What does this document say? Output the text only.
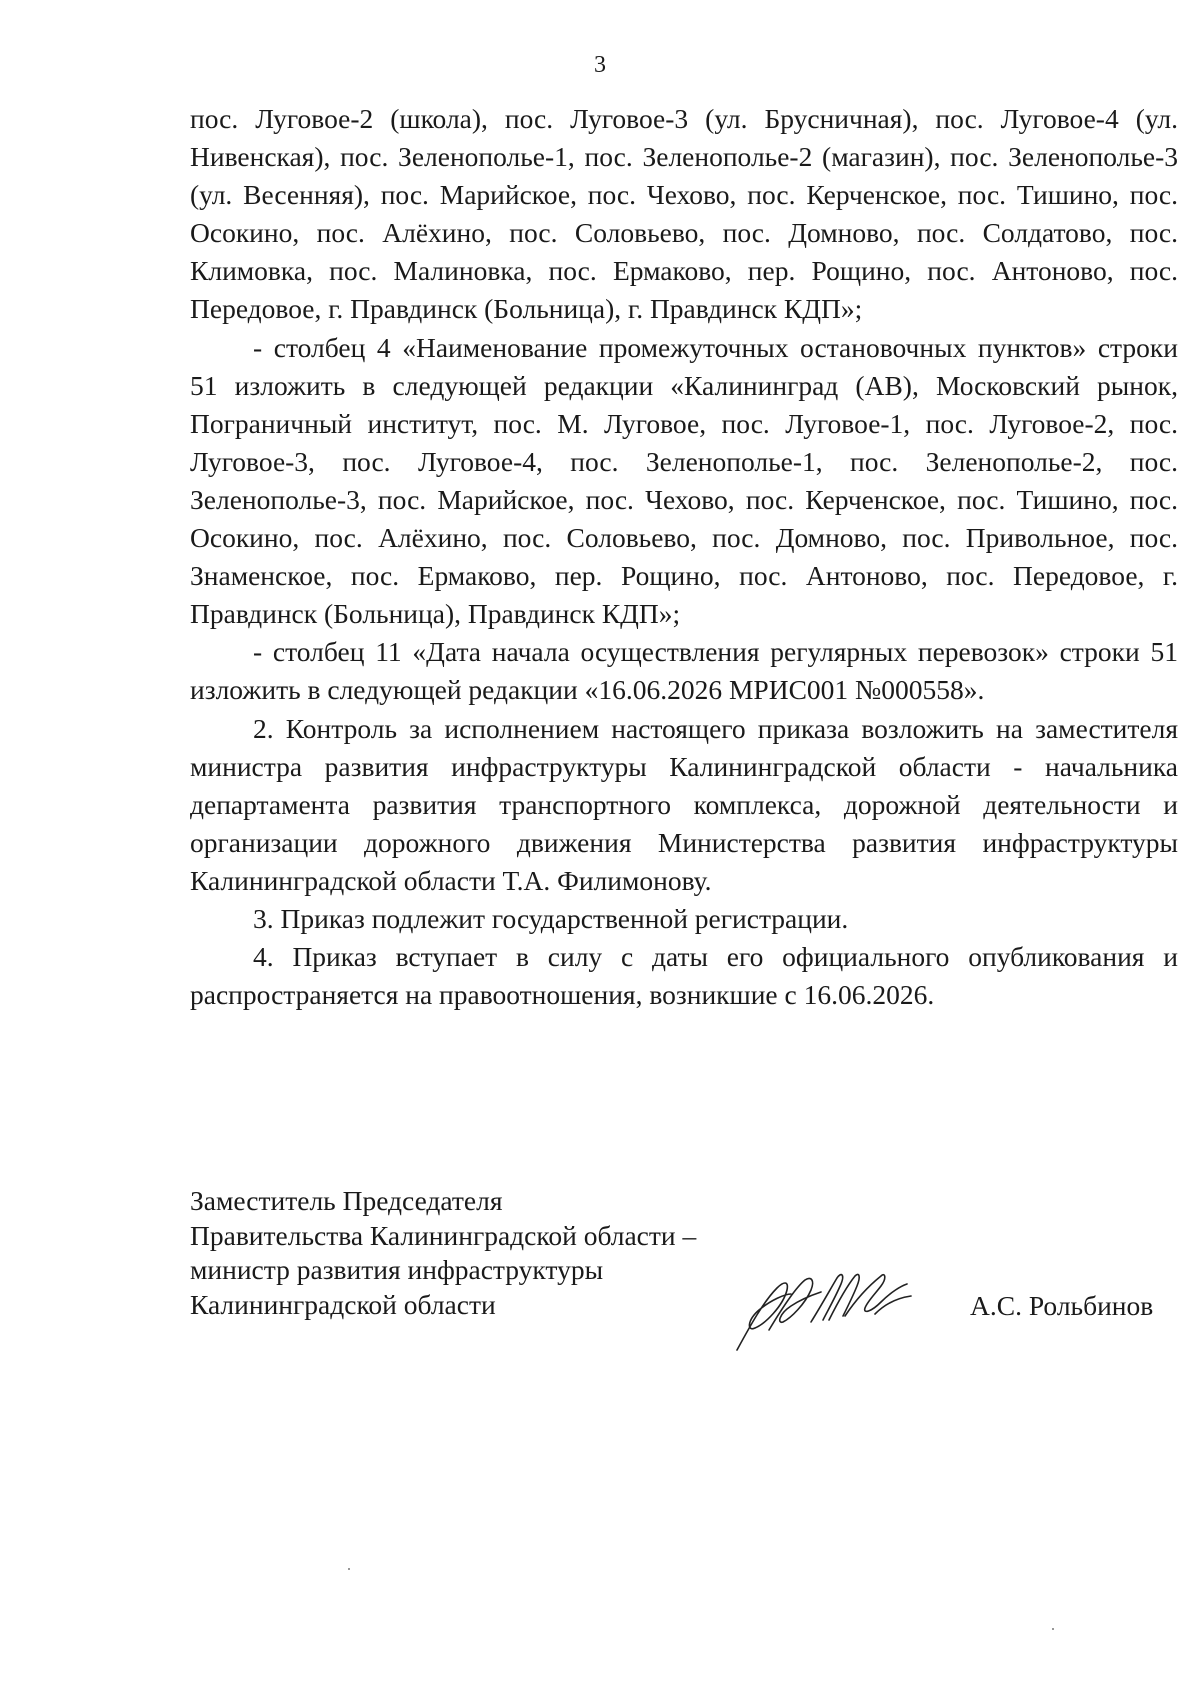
3

пос. Луговое-2 (школа), пос. Луговое-3 (ул. Брусничная), пос. Луговое-4 (ул. Нивенская), пос. Зеленополье-1, пос. Зеленополье-2 (магазин), пос. Зеленополье-3 (ул. Весенняя), пос. Марийское, пос. Чехово, пос. Керченское, пос. Тишино, пос. Осокино, пос. Алёхино, пос. Соловьево, пос. Домново, пос. Солдатово, пос. Климовка, пос. Малиновка, пос. Ермаково, пер. Рощино, пос. Антоново, пос. Передовое, г. Правдинск (Больница), г. Правдинск КДП»;

- столбец 4 «Наименование промежуточных остановочных пунктов» строки 51 изложить в следующей редакции «Калининград (АВ), Московский рынок, Пограничный институт, пос. М. Луговое, пос. Луговое-1, пос. Луговое-2, пос. Луговое-3, пос. Луговое-4, пос. Зеленополье-1, пос. Зеленополье-2, пос. Зеленополье-3, пос. Марийское, пос. Чехово, пос. Керченское, пос. Тишино, пос. Осокино, пос. Алёхино, пос. Соловьево, пос. Домново, пос. Привольное, пос. Знаменское, пос. Ермаково, пер. Рощино, пос. Антоново, пос. Передовое, г. Правдинск (Больница), Правдинск КДП»;

- столбец 11 «Дата начала осуществления регулярных перевозок» строки 51 изложить в следующей редакции «16.06.2026 МРИС001 №000558».

2. Контроль за исполнением настоящего приказа возложить на заместителя министра развития инфраструктуры Калининградской области - начальника департамента развития транспортного комплекса, дорожной деятельности и организации дорожного движения Министерства развития инфраструктуры Калининградской области Т.А. Филимонову.

3. Приказ подлежит государственной регистрации.

4. Приказ вступает в силу с даты его официального опубликования и распространяется на правоотношения, возникшие с 16.06.2026.

Заместитель Председателя
Правительства Калининградской области –
министр развития инфраструктуры
Калининградской области	А.С. Рольбинов
